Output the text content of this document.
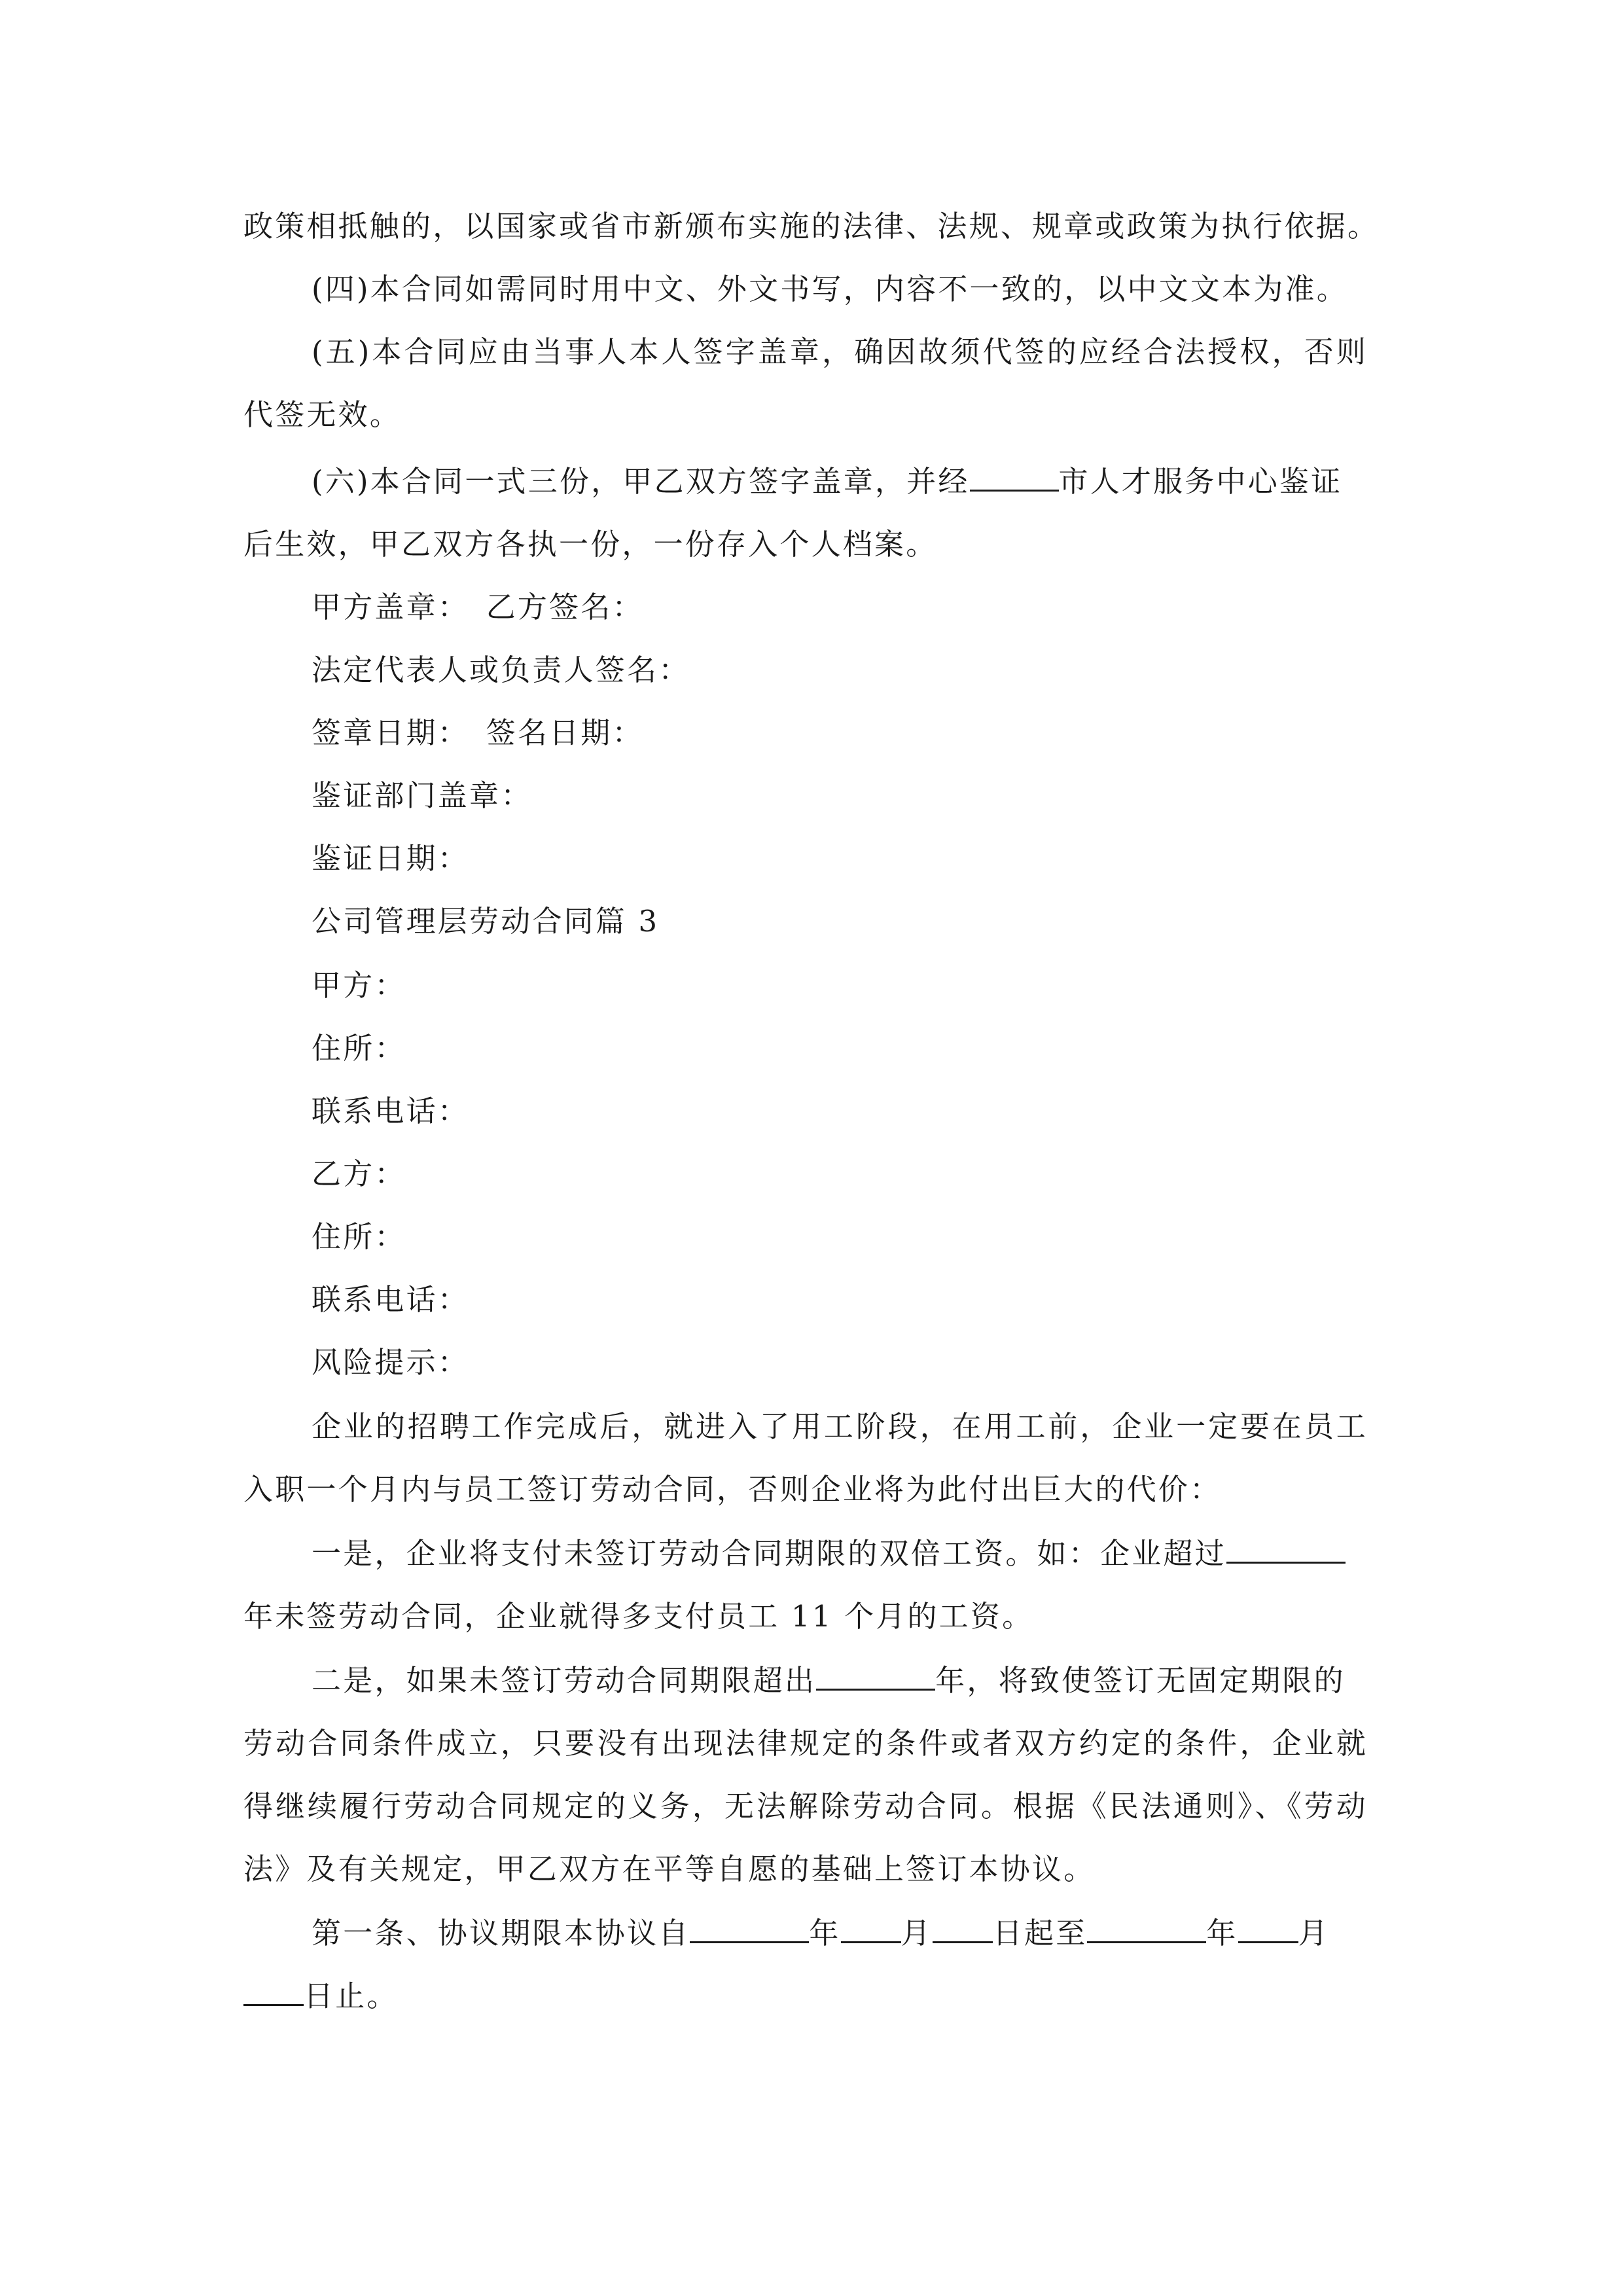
政策相抵触的，以国家或省市新颁布实施的法律、法规、规章或政策为执行依据。
(四)本合同如需同时用中文、外文书写，内容不一致的，以中文文本为准。
(五)本合同应由当事人本人签字盖章，确因故须代签的应经合法授权，否则
代签无效。
(六)本合同一式三份，甲乙双方签字盖章，并经	市人才服务中心鉴证
后生效，甲乙双方各执一份，一份存入个人档案。
甲方盖章：　乙方签名：
法定代表人或负责人签名：
签章日期：　签名日期：
鉴证部门盖章：
鉴证日期：
公司管理层劳动合同篇 3
甲方：
住所：
联系电话：
乙方：
住所：
联系电话：
风险提示：
企业的招聘工作完成后，就进入了用工阶段，在用工前，企业一定要在员工
入职一个月内与员工签订劳动合同，否则企业将为此付出巨大的代价：
一是，企业将支付未签订劳动合同期限的双倍工资。如：企业超过
年未签劳动合同，企业就得多支付员工 11 个月的工资。
二是，如果未签订劳动合同期限超出	年，将致使签订无固定期限的
劳动合同条件成立，只要没有出现法律规定的条件或者双方约定的条件，企业就
得继续履行劳动合同规定的义务，无法解除劳动合同。根据《民法通则》、《劳动
法》及有关规定，甲乙双方在平等自愿的基础上签订本协议。
第一条、协议期限本协议自	年 月 日起至	年 月
日止。
